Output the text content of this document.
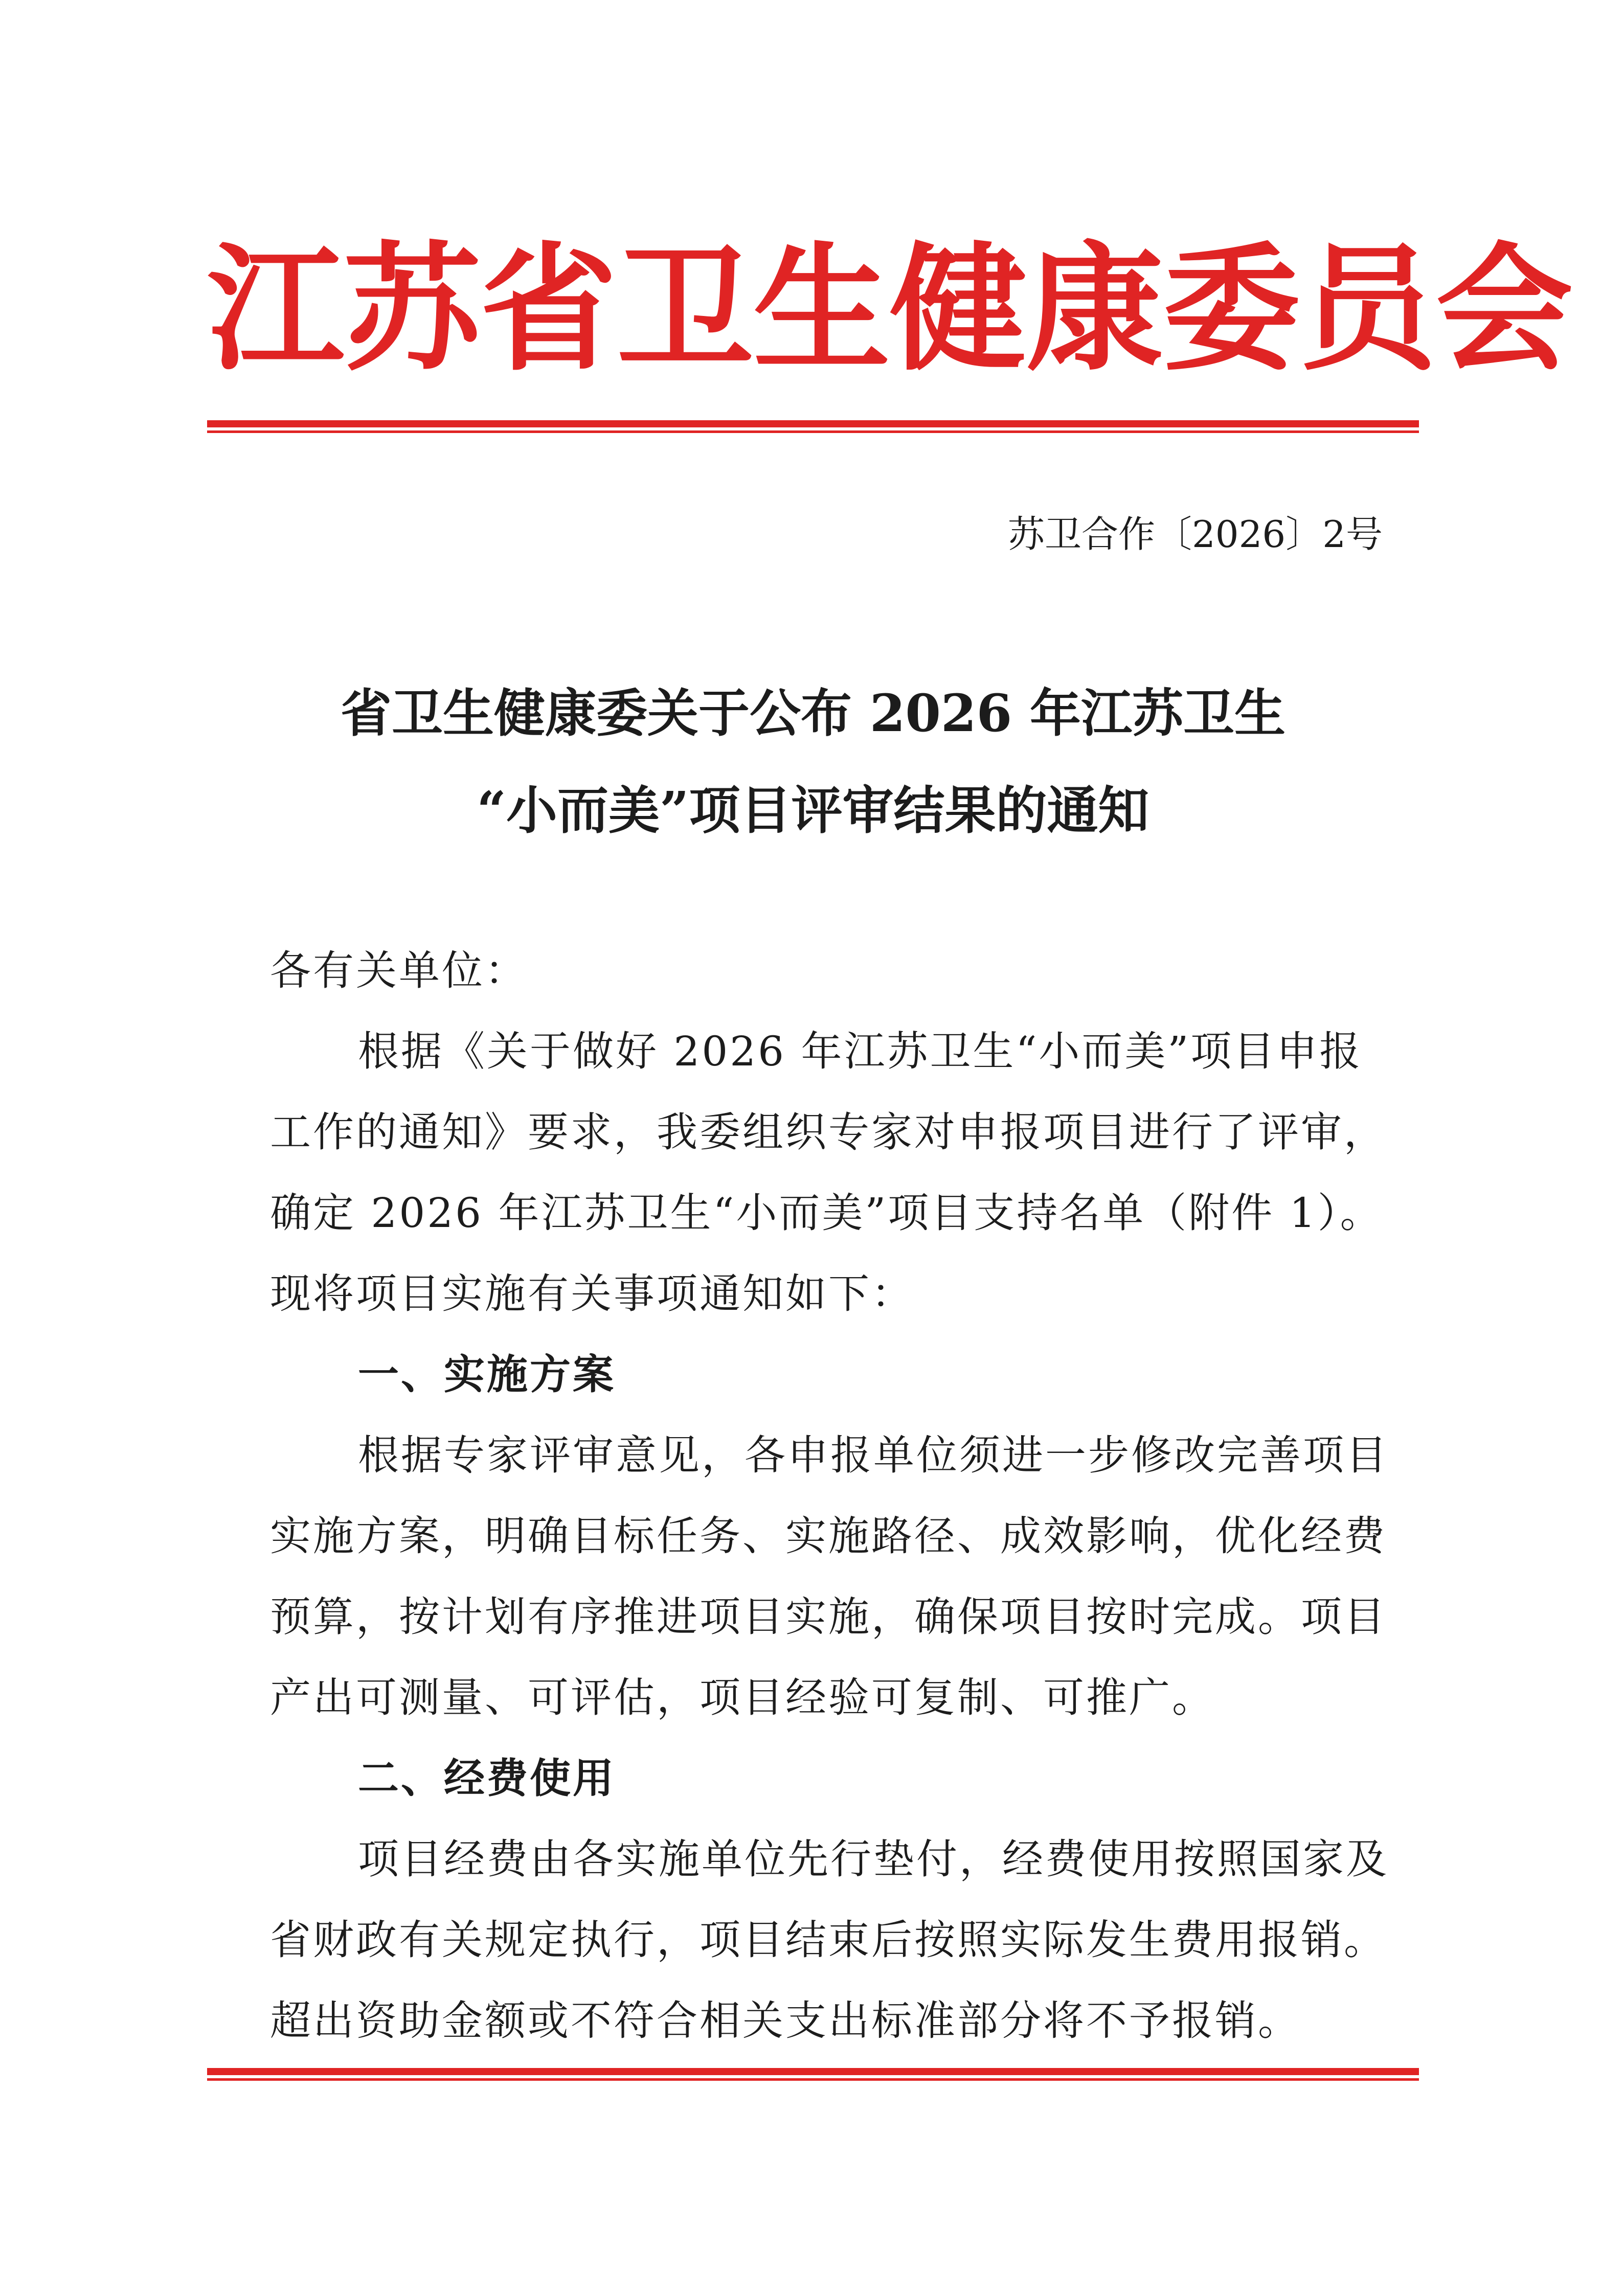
江苏省卫生健康委员会
苏卫合作〔2026〕2号
省卫生健康委关于公布 2026 年江苏卫生
“小而美”项目评审结果的通知
各有关单位：
根据《关于做好 2026 年江苏卫生“小而美”项目申报
工作的通知》要求，我委组织专家对申报项目进行了评审，
确定 2026 年江苏卫生“小而美”项目支持名单（附件 1）。
现将项目实施有关事项通知如下：
一、实施方案
根据专家评审意见，各申报单位须进一步修改完善项目
实施方案，明确目标任务、实施路径、成效影响，优化经费
预算，按计划有序推进项目实施，确保项目按时完成。项目
产出可测量、可评估，项目经验可复制、可推广。
二、经费使用
项目经费由各实施单位先行垫付，经费使用按照国家及
省财政有关规定执行，项目结束后按照实际发生费用报销。
超出资助金额或不符合相关支出标准部分将不予报销。
